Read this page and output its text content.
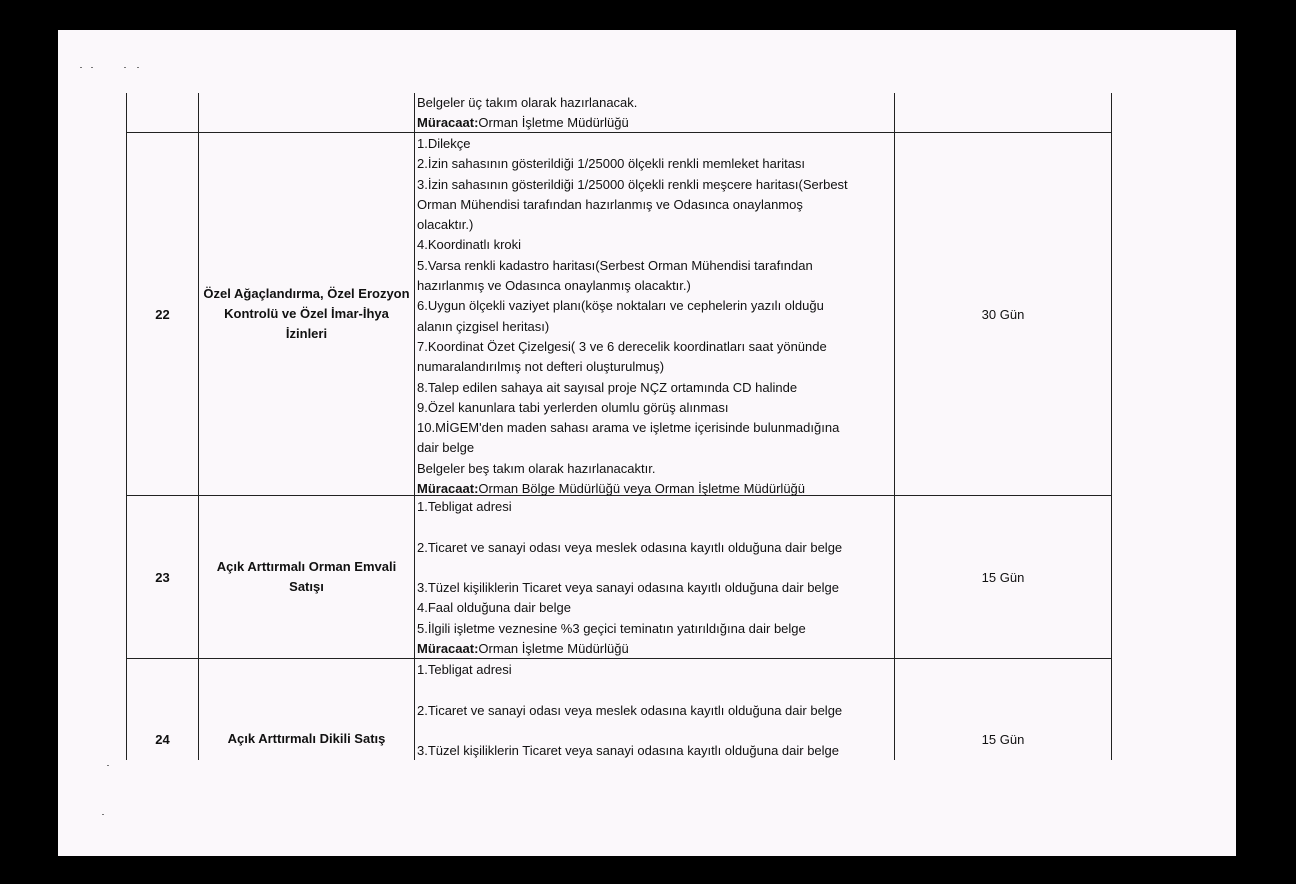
Belgeler üç takım olarak hazırlanacak.
Müracaat:Orman İşletme Müdürlüğü
22
Özel Ağaçlandırma, Özel Erozyon
Kontrolü ve Özel İmar-İhya
İzinleri
1.Dilekçe
2.İzin sahasının gösterildiği 1/25000 ölçekli renkli memleket haritası
3.İzin sahasının gösterildiği 1/25000 ölçekli renkli meşcere haritası(Serbest
Orman Mühendisi tarafından hazırlanmış ve Odasınca onaylanmoş
olacaktır.)
4.Koordinatlı kroki
5.Varsa renkli kadastro haritası(Serbest Orman Mühendisi tarafından
hazırlanmış ve Odasınca onaylanmış olacaktır.)
6.Uygun ölçekli vaziyet planı(köşe noktaları ve cephelerin yazılı olduğu
alanın çizgisel heritası)
7.Koordinat Özet Çizelgesi( 3 ve 6 derecelik koordinatları saat yönünde
numaralandırılmış not defteri oluşturulmuş)
8.Talep edilen sahaya ait sayısal proje NÇZ ortamında CD halinde
9.Özel kanunlara tabi yerlerden olumlu görüş alınması
10.MİGEM'den maden sahası arama ve işletme içerisinde bulunmadığına
dair belge
Belgeler beş takım olarak hazırlanacaktır.
Müracaat:Orman Bölge Müdürlüğü veya Orman İşletme Müdürlüğü
30 Gün
23
Açık Arttırmalı Orman Emvali
Satışı
1.Tebligat adresi
2.Ticaret ve sanayi odası veya meslek odasına kayıtlı olduğuna dair belge
3.Tüzel kişiliklerin Ticaret veya sanayi odasına kayıtlı olduğuna dair belge
4.Faal olduğuna dair belge
5.İlgili işletme veznesine %3 geçici teminatın yatırıldığına dair belge
Müracaat:Orman İşletme Müdürlüğü
15 Gün
24	Açık Arttırmalı Dikili Satış
1.Tebligat adresi
2.Ticaret ve sanayi odası veya meslek odasına kayıtlı olduğuna dair belge
3.Tüzel kişiliklerin Ticaret veya sanayi odasına kayıtlı olduğuna dair belge
15 Gün
